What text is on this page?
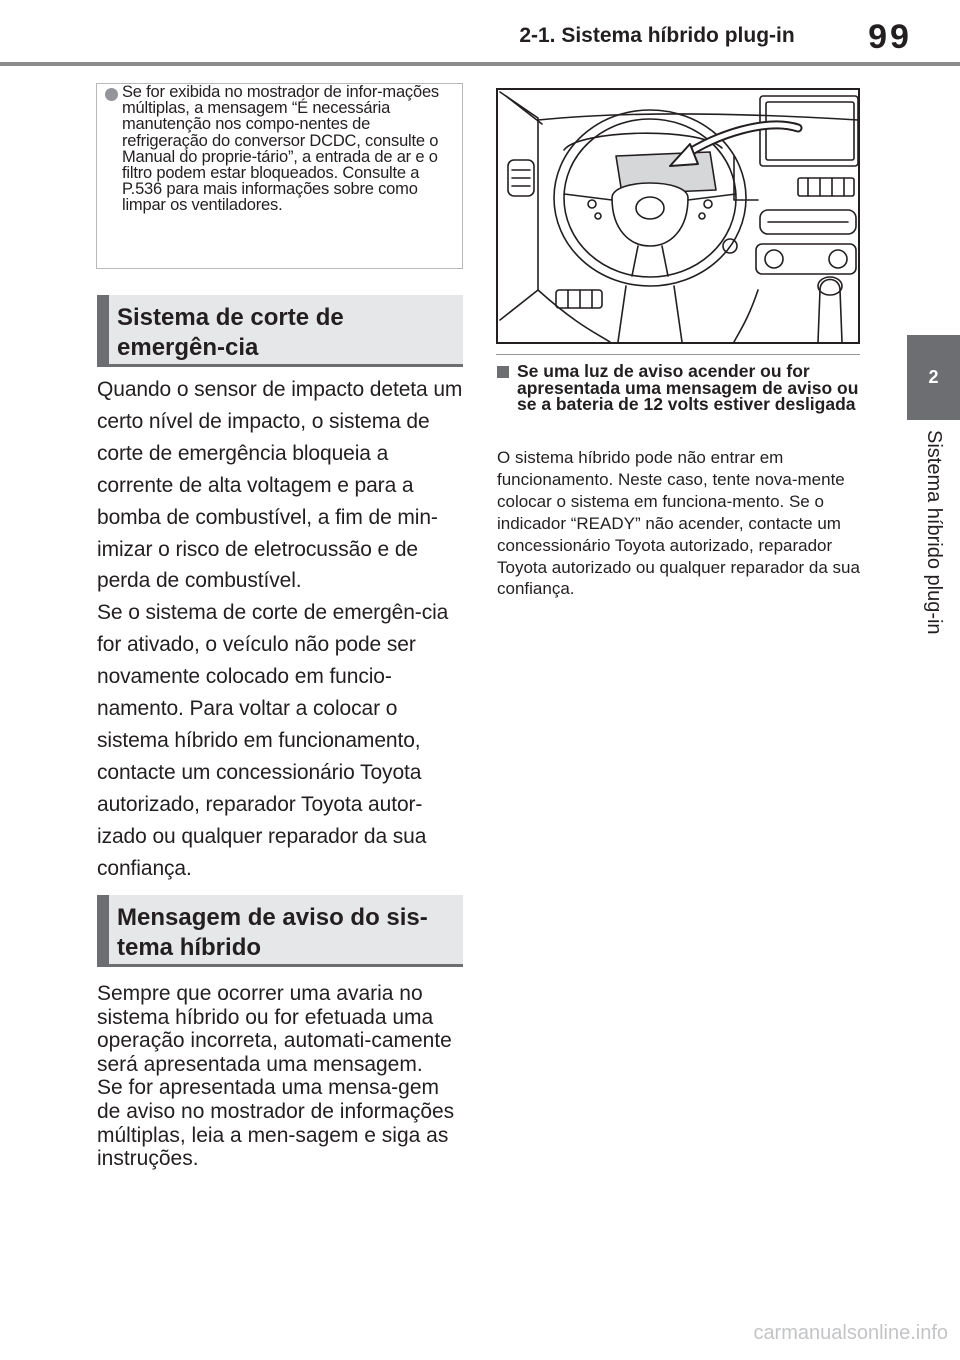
2-1. Sistema híbrido plug-in	99
2
Sistema híbrido plug-in
Se for exibida no mostrador de infor-mações múltiplas, a mensagem “É necessária manutenção nos compo-nentes de refrigeração do conversor DCDC, consulte o Manual do proprie-tário”, a entrada de ar e o filtro podem estar bloqueados. Consulte a P.536 para mais informações sobre como limpar os ventiladores.
Sistema de corte de emergên-cia

Quando o sensor de impacto deteta um certo nível de impacto, o sistema de corte de emergência bloqueia a corrente de alta voltagem e para a bomba de combustível, a fim de min-imizar o risco de eletrocussão e de perda de combustível.

Se o sistema de corte de emergên-cia for ativado, o veículo não pode ser novamente colocado em funcio-namento. Para voltar a colocar o sistema híbrido em funcionamento, contacte um concessionário Toyota autorizado, reparador Toyota autor-izado ou qualquer reparador da sua confiança.

Mensagem de aviso do sis-tema híbrido

Sempre que ocorrer uma avaria no sistema híbrido ou for efetuada uma operação incorreta, automati-camente será apresentada uma mensagem.

Se for apresentada uma mensa-gem de aviso no mostrador de informações múltiplas, leia a men-sagem e siga as instruções.

Se uma luz de aviso acender ou for apresentada uma mensagem de aviso ou se a bateria de 12 volts estiver desligada

O sistema híbrido pode não entrar em funcionamento. Neste caso, tente nova-mente colocar o sistema em funciona-mento. Se o indicador “READY” não acender, contacte um concessionário Toyota autorizado, reparador Toyota autorizado ou qualquer reparador da sua confiança.

carmanualsonline.info
